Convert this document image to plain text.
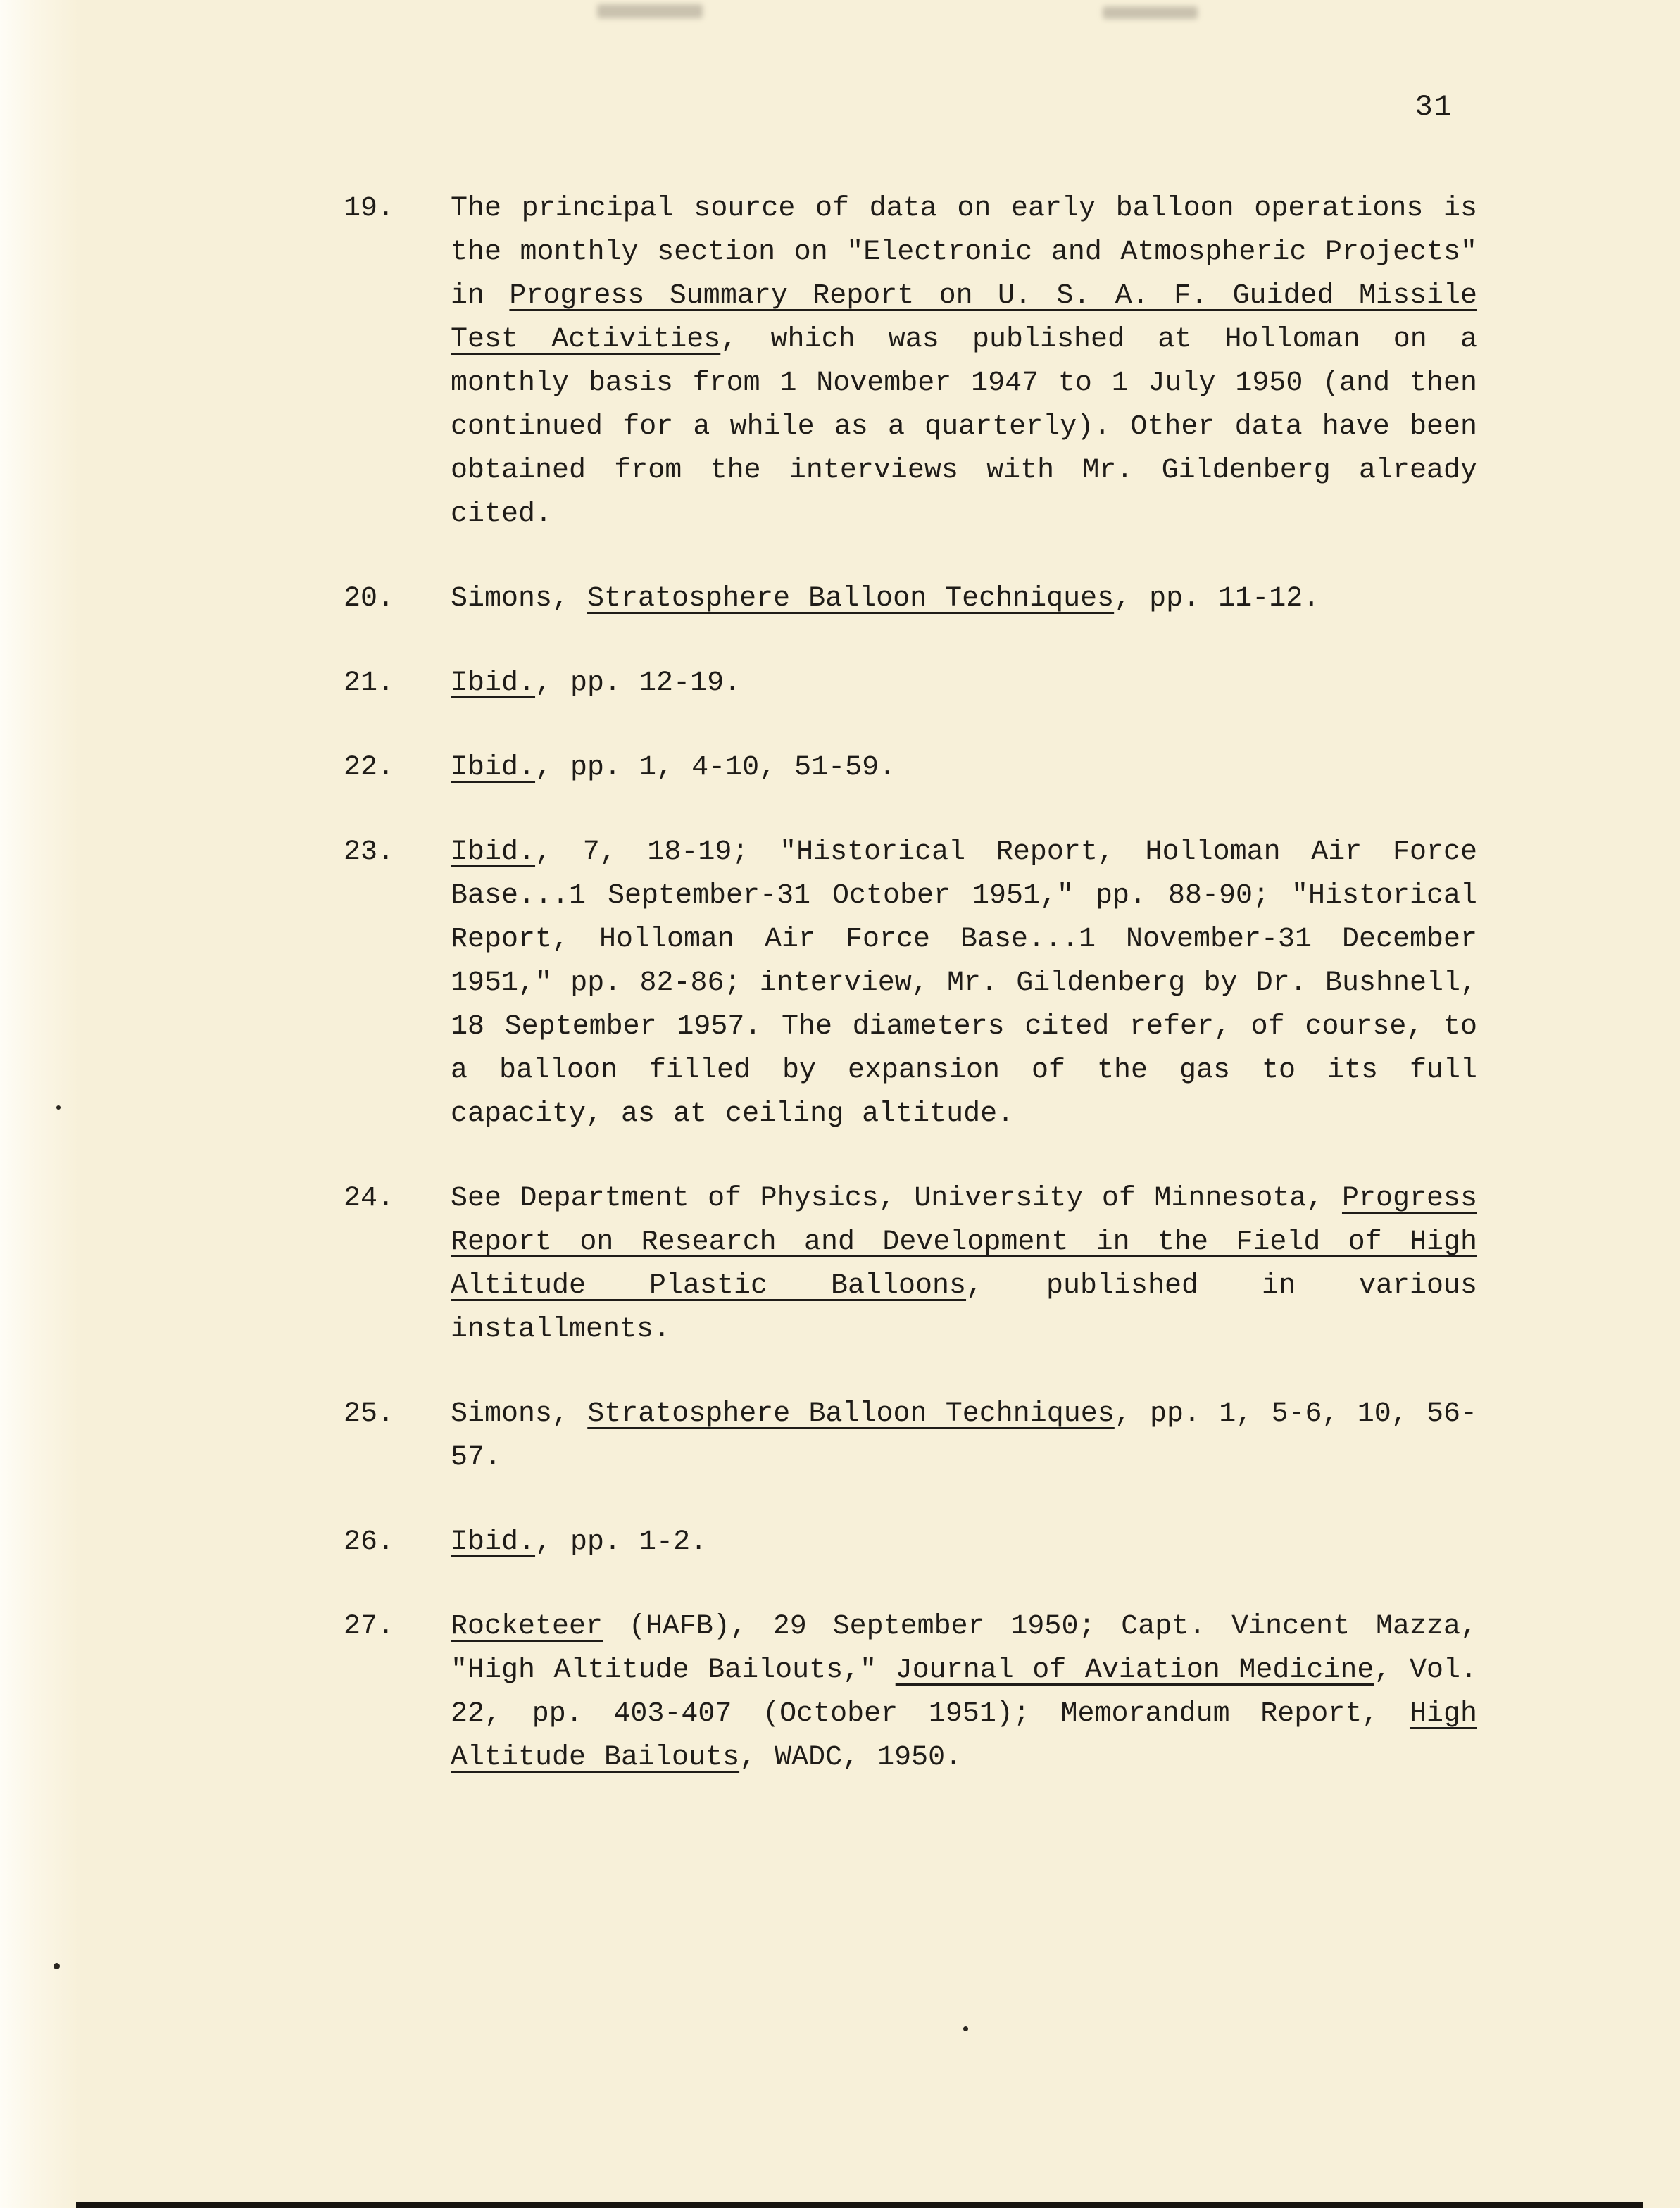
31
19.	The principal source of data on early balloon operations is the monthly section on "Electronic and Atmospheric Projects" in Progress Summary Report on U. S. A. F. Guided Missile Test Activities, which was published at Holloman on a monthly basis from 1 November 1947 to 1 July 1950 (and then continued for a while as a quarterly). Other data have been obtained from the interviews with Mr. Gildenberg already cited.
20.	Simons, Stratosphere Balloon Techniques, pp. 11-12.
21.	Ibid., pp. 12-19.
22.	Ibid., pp. 1, 4-10, 51-59.
23.	Ibid., 7, 18-19; "Historical Report, Holloman Air Force Base...1 September-31 October 1951," pp. 88-90; "Historical Report, Holloman Air Force Base...1 November-31 December 1951," pp. 82-86; interview, Mr. Gildenberg by Dr. Bushnell, 18 September 1957. The diameters cited refer, of course, to a balloon filled by expansion of the gas to its full capacity, as at ceiling altitude.
24.	See Department of Physics, University of Minnesota, Progress Report on Research and Development in the Field of High Altitude Plastic Balloons, published in various installments.
25.	Simons, Stratosphere Balloon Techniques, pp. 1, 5-6, 10, 56-57.
26.	Ibid., pp. 1-2.
27.	Rocketeer (HAFB), 29 September 1950; Capt. Vincent Mazza, "High Altitude Bailouts," Journal of Aviation Medicine, Vol. 22, pp. 403-407 (October 1951); Memorandum Report, High Altitude Bailouts, WADC, 1950.
